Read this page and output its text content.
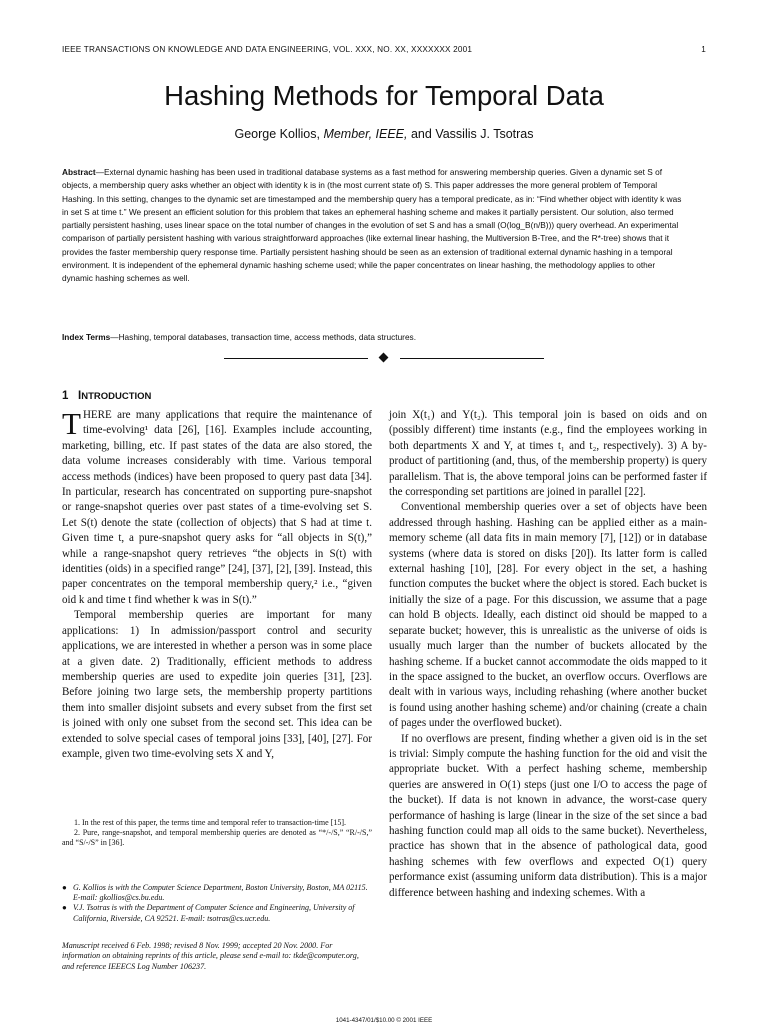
IEEE TRANSACTIONS ON KNOWLEDGE AND DATA ENGINEERING, VOL. XXX, NO. XX, XXXXXXX 2001	1
Hashing Methods for Temporal Data
George Kollios, Member, IEEE, and Vassilis J. Tsotras

Abstract—External dynamic hashing has been used in traditional database systems as a fast method for answering membership queries. Given a dynamic set S of objects, a membership query asks whether an object with identity k is in (the most current state of) S. This paper addresses the more general problem of Temporal Hashing. In this setting, changes to the dynamic set are timestamped and the membership query has a temporal predicate, as in: “Find whether object with identity k was in set S at time t.” We present an efficient solution for this problem that takes an ephemeral hashing scheme and makes it partially persistent. Our solution, also termed partially persistent hashing, uses linear space on the total number of changes in the evolution of set S and has a small (O(log_B(n/B))) query overhead. An experimental comparison of partially persistent hashing with various straightforward approaches (like external linear hashing, the Multiversion B-Tree, and the R*-tree) shows that it provides the faster membership query response time. Partially persistent hashing should be seen as an extension of traditional external dynamic hashing in a temporal environment. It is independent of the ephemeral dynamic hashing scheme used; while the paper concentrates on linear hashing, the methodology applies to other dynamic hashing schemes as well.

Index Terms—Hashing, temporal databases, transaction time, access methods, data structures.

1 INTRODUCTION

THERE are many applications that require the maintenance of time-evolving¹ data [26], [16]. Examples include accounting, marketing, billing, etc. If past states of the data are also stored, the data volume increases considerably with time. Various temporal access methods (indices) have been proposed to query past data [34]. In particular, research has concentrated on supporting pure-snapshot or range-snapshot queries over past states of a time-evolving set S. Let S(t) denote the state (collection of objects) that S had at time t. Given time t, a pure-snapshot query asks for “all objects in S(t),” while a range-snapshot query retrieves “the objects in S(t) with identities (oids) in a specified range” [24], [37], [2], [39]. Instead, this paper concentrates on the temporal membership query,² i.e., “given oid k and time t find whether k was in S(t).”

Temporal membership queries are important for many applications: 1) In admission/passport control and security applications, we are interested in whether a person was in some place at a given date. 2) Traditionally, efficient methods to address membership queries are used to expedite join queries [31], [23]. Before joining two large sets, the membership property partitions them into smaller disjoint subsets and every subset from the first set is joined with only one subset from the second set. This idea can be extended to solve special cases of temporal joins [33], [40], [27]. For example, given two time-evolving sets X and Y,

join X(t₁) and Y(t₂). This temporal join is based on oids and on (possibly different) time instants (e.g., find the employees working in both departments X and Y, at times t₁ and t₂, respectively). 3) A by-product of partitioning (and, thus, of the membership property) is query parallelism. That is, the above temporal joins can be performed faster if the corresponding set partitions are joined in parallel [22].

Conventional membership queries over a set of objects have been addressed through hashing. Hashing can be applied either as a main-memory scheme (all data fits in main memory [7], [12]) or in database systems (where data is stored on disks [20]). Its latter form is called external hashing [10], [28]. For every object in the set, a hashing function computes the bucket where the object is stored. Each bucket is initially the size of a page. For this discussion, we assume that a page can hold B objects. Ideally, each distinct oid should be mapped to a separate bucket; however, this is unrealistic as the universe of oids is usually much larger than the number of buckets allocated by the hashing scheme. If a bucket cannot accommodate the oids mapped to it in the space assigned to the bucket, an overflow occurs. Overflows are dealt with in various ways, including rehashing (where another bucket is found using another hashing scheme) and/or chaining (create a chain of pages under the overflowed bucket).

If no overflows are present, finding whether a given oid is in the set is trivial: Simply compute the hashing function for the oid and visit the appropriate bucket. With a perfect hashing scheme, membership queries are answered in O(1) steps (just one I/O to access the page of the bucket). If data is not known in advance, the worst-case query performance of hashing is large (linear in the size of the set since a bad hashing function could map all oids to the same bucket). Nevertheless, practice has shown that in the absence of pathological data, good hashing schemes with few overflows and expected O(1) query performance exist (assuming uniform data distribution). This is a major difference between hashing and indexing schemes. With a

1. In the rest of this paper, the terms time and temporal refer to transaction-time [15].

2. Pure, range-snapshot, and temporal membership queries are denoted as “*/-/S,” “R/-/S,” and “S/-/S” in [36].

● G. Kollios is with the Computer Science Department, Boston University, Boston, MA 02115. E-mail: gkollios@cs.bu.edu.
● V.J. Tsotras is with the Department of Computer Science and Engineering, University of California, Riverside, CA 92521. E-mail: tsotras@cs.ucr.edu.

Manuscript received 6 Feb. 1998; revised 8 Nov. 1999; accepted 20 Nov. 2000. For information on obtaining reprints of this article, please send e-mail to: tkde@computer.org, and reference IEEECS Log Number 106237.

1041-4347/01/$10.00 © 2001 IEEE
